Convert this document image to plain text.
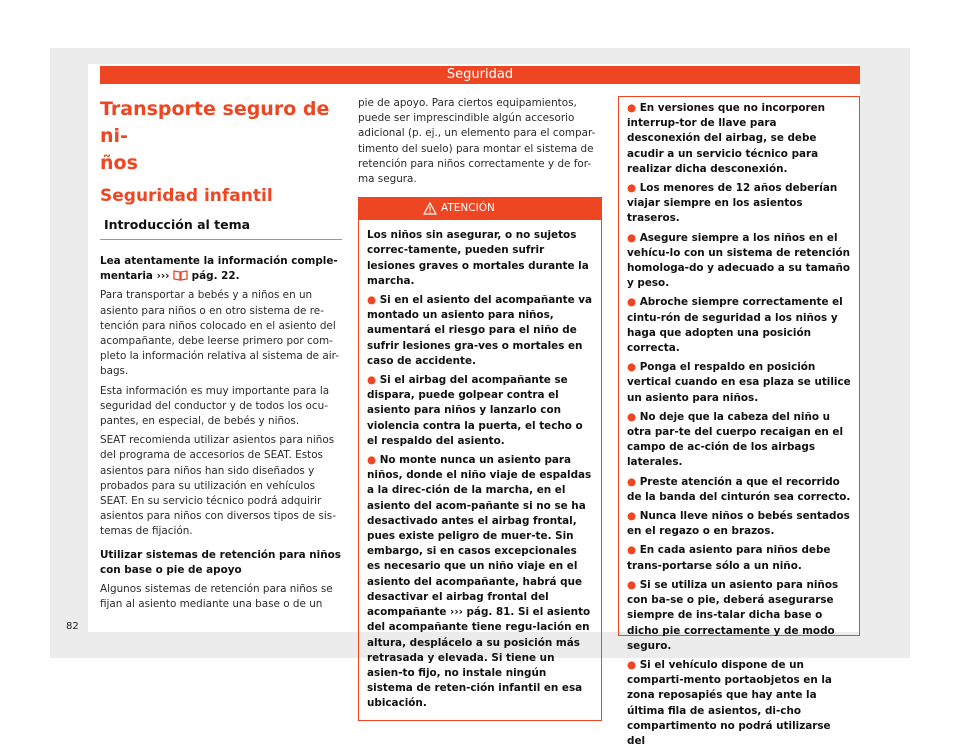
Seguridad
Transporte seguro de ni-
ños
Seguridad infantil
Introducción al tema
Lea atentamente la información comple-
mentaria ›››  pág. 22.
Para transportar a bebés y a niños en un asiento para niños o en otro sistema de re-tención para niños colocado en el asiento del acompañante, debe leerse primero por com-pleto la información relativa al sistema de air-bags.
Esta información es muy importante para la seguridad del conductor y de todos los ocu-pantes, en especial, de bebés y niños.
SEAT recomienda utilizar asientos para niños del programa de accesorios de SEAT. Estos asientos para niños han sido diseñados y probados para su utilización en vehículos SEAT. En su servicio técnico podrá adquirir asientos para niños con diversos tipos de sis-temas de fijación.
Utilizar sistemas de retención para niños con base o pie de apoyo
Algunos sistemas de retención para niños se fijan al asiento mediante una base o de un
pie de apoyo. Para ciertos equipamientos, puede ser imprescindible algún accesorio adicional (p. ej., un elemento para el compar-timento del suelo) para montar el sistema de retención para niños correctamente y de for-ma segura.
ATENCIÓN
Los niños sin asegurar, o no sujetos correc-tamente, pueden sufrir lesiones graves o mortales durante la marcha.
● Si en el asiento del acompañante va montado un asiento para niños, aumentará el riesgo para el niño de sufrir lesiones gra-ves o mortales en caso de accidente.
● Si el airbag del acompañante se dispara, puede golpear contra el asiento para niños y lanzarlo con violencia contra la puerta, el techo o el respaldo del asiento.
● No monte nunca un asiento para niños, donde el niño viaje de espaldas a la direc-ción de la marcha, en el asiento del acom-pañante si no se ha desactivado antes el airbag frontal, pues existe peligro de muer-te. Sin embargo, si en casos excepcionales es necesario que un niño viaje en el asiento del acompañante, habrá que desactivar el airbag frontal del acompañante ››› pág. 81. Si el asiento del acompañante tiene regu-lación en altura, desplácelo a su posición más retrasada y elevada. Si tiene un asien-to fijo, no instale ningún sistema de reten-ción infantil en esa ubicación.
● En versiones que no incorporen interrup-tor de llave para desconexión del airbag, se debe acudir a un servicio técnico para realizar dicha desconexión.
● Los menores de 12 años deberían viajar siempre en los asientos traseros.
● Asegure siempre a los niños en el vehícu-lo con un sistema de retención homologa-do y adecuado a su tamaño y peso.
● Abroche siempre correctamente el cintu-rón de seguridad a los niños y haga que adopten una posición correcta.
● Ponga el respaldo en posición vertical cuando en esa plaza se utilice un asiento para niños.
● No deje que la cabeza del niño u otra par-te del cuerpo recaigan en el campo de ac-ción de los airbags laterales.
● Preste atención a que el recorrido de la banda del cinturón sea correcto.
● Nunca lleve niños o bebés sentados en el regazo o en brazos.
● En cada asiento para niños debe trans-portarse sólo a un niño.
● Si se utiliza un asiento para niños con ba-se o pie, deberá asegurarse siempre de ins-talar dicha base o dicho pie correctamente y de modo seguro.
● Si el vehículo dispone de un comparti-mento portaobjetos en la zona reposapiés que hay ante la última fila de asientos, di-cho compartimento no podrá utilizarse del
82
